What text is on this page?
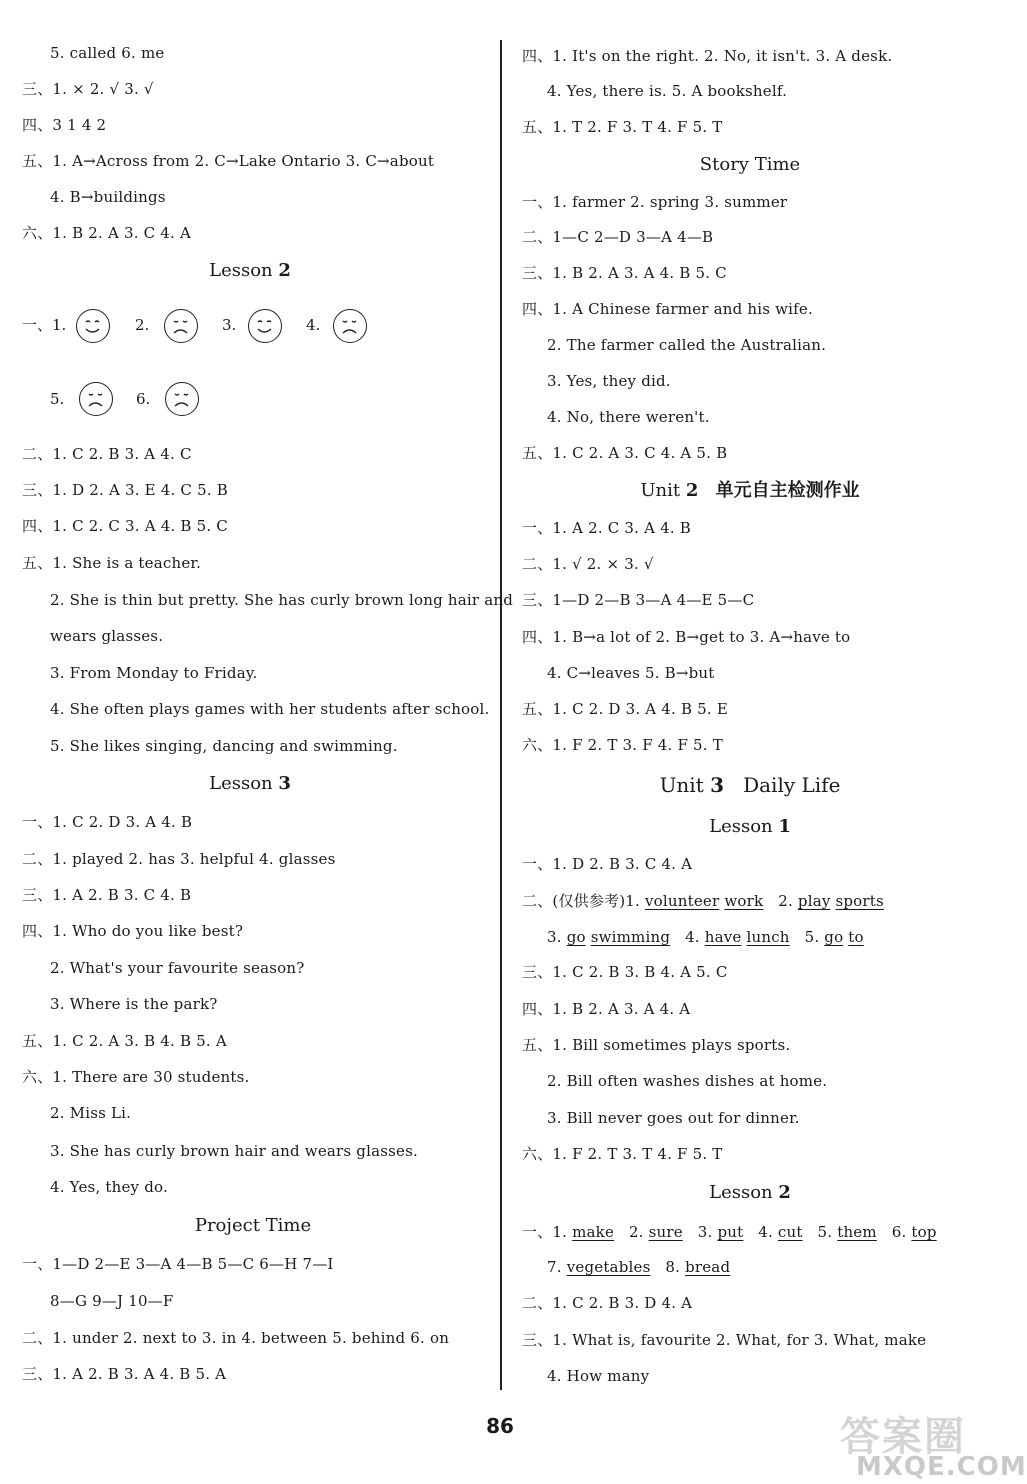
5. called 6. me
三、1. × 2. √ 3. √
四、3 1 4 2
五、1. A→Across from 2. C→Lake Ontario 3. C→about
4. B→buildings
六、1. B 2. A 3. C 4. A
Lesson 2
一、1.	2.	3.	4.
5.	6.
二、1. C 2. B 3. A 4. C
三、1. D 2. A 3. E 4. C 5. B
四、1. C 2. C 3. A 4. B 5. C
五、1. She is a teacher.
2. She is thin but pretty. She has curly brown long hair and
wears glasses.
3. From Monday to Friday.
4. She often plays games with her students after school.
5. She likes singing, dancing and swimming.
Lesson 3
一、1. C 2. D 3. A 4. B
二、1. played 2. has 3. helpful 4. glasses
三、1. A 2. B 3. C 4. B
四、1. Who do you like best?
2. What's your favourite season?
3. Where is the park?
五、1. C 2. A 3. B 4. B 5. A
六、1. There are 30 students.
2. Miss Li.
3. She has curly brown hair and wears glasses.
4. Yes, they do.
Project Time
一、1—D 2—E 3—A 4—B 5—C 6—H 7—I
8—G 9—J 10—F
二、1. under 2. next to 3. in 4. between 5. behind 6. on
三、1. A 2. B 3. A 4. B 5. A
四、1. It's on the right. 2. No, it isn't. 3. A desk.
4. Yes, there is. 5. A bookshelf.
五、1. T 2. F 3. T 4. F 5. T
Story Time
一、1. farmer 2. spring 3. summer
二、1—C 2—D 3—A 4—B
三、1. B 2. A 3. A 4. B 5. C
四、1. A Chinese farmer and his wife.
2. The farmer called the Australian.
3. Yes, they did.
4. No, there weren't.
五、1. C 2. A 3. C 4. A 5. B
Unit 2 单元自主检测作业
一、1. A 2. C 3. A 4. B
二、1. √ 2. × 3. √
三、1—D 2—B 3—A 4—E 5—C
四、1. B→a lot of 2. B→get to 3. A→have to
4. C→leaves 5. B→but
五、1. C 2. D 3. A 4. B 5. E
六、1. F 2. T 3. F 4. F 5. T
Unit 3 Daily Life
Lesson 1
一、1. D 2. B 3. C 4. A
二、(仅供参考)1. volunteer work 2. play sports
3. go swimming 4. have lunch 5. go to
三、1. C 2. B 3. B 4. A 5. C
四、1. B 2. A 3. A 4. A
五、1. Bill sometimes plays sports.
2. Bill often washes dishes at home.
3. Bill never goes out for dinner.
六、1. F 2. T 3. T 4. F 5. T
Lesson 2
一、1. make 2. sure 3. put 4. cut 5. them 6. top
7. vegetables 8. bread
二、1. C 2. B 3. D 4. A
三、1. What is, favourite 2. What, for 3. What, make
4. How many
86	答案圈
MXQE.COM
